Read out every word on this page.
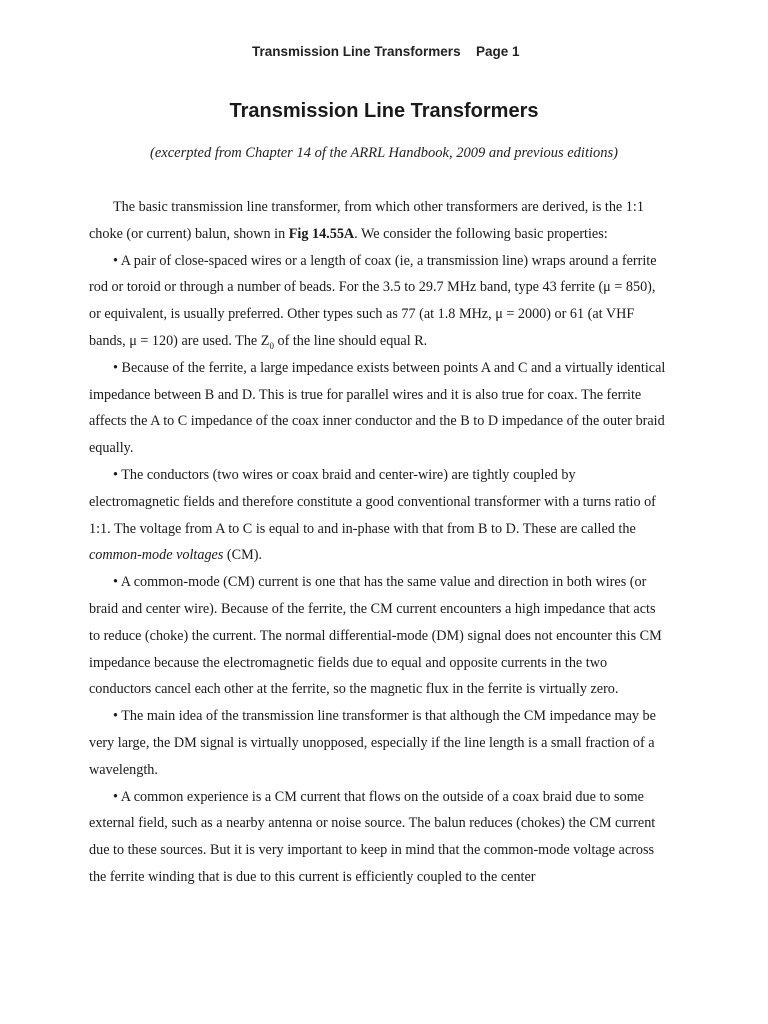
Transmission Line Transformers Page 1
Transmission Line Transformers

(excerpted from Chapter 14 of the ARRL Handbook, 2009 and previous editions)

The basic transmission line transformer, from which other transformers are derived, is the 1:1 choke (or current) balun, shown in Fig 14.55A. We consider the following basic properties:

• A pair of close-spaced wires or a length of coax (ie, a transmission line) wraps around a ferrite rod or toroid or through a number of beads. For the 3.5 to 29.7 MHz band, type 43 ferrite (μ = 850), or equivalent, is usually preferred. Other types such as 77 (at 1.8 MHz, μ = 2000) or 61 (at VHF bands, μ = 120) are used. The $Z_0$ of the line should equal R.

• Because of the ferrite, a large impedance exists between points A and C and a virtually identical impedance between B and D. This is true for parallel wires and it is also true for coax. The ferrite affects the A to C impedance of the coax inner conductor and the B to D impedance of the outer braid equally.

• The conductors (two wires or coax braid and center-wire) are tightly coupled by electromagnetic fields and therefore constitute a good conventional transformer with a turns ratio of 1:1. The voltage from A to C is equal to and in-phase with that from B to D. These are called the common-mode voltages (CM).

• A common-mode (CM) current is one that has the same value and direction in both wires (or braid and center wire). Because of the ferrite, the CM current encounters a high impedance that acts to reduce (choke) the current. The normal differential-mode (DM) signal does not encounter this CM impedance because the electromagnetic fields due to equal and opposite currents in the two conductors cancel each other at the ferrite, so the magnetic flux in the ferrite is virtually zero.

• The main idea of the transmission line transformer is that although the CM impedance may be very large, the DM signal is virtually unopposed, especially if the line length is a small fraction of a wavelength.

• A common experience is a CM current that flows on the outside of a coax braid due to some external field, such as a nearby antenna or noise source. The balun reduces (chokes) the CM current due to these sources. But it is very important to keep in mind that the common-mode voltage across the ferrite winding that is due to this current is efficiently coupled to the center
